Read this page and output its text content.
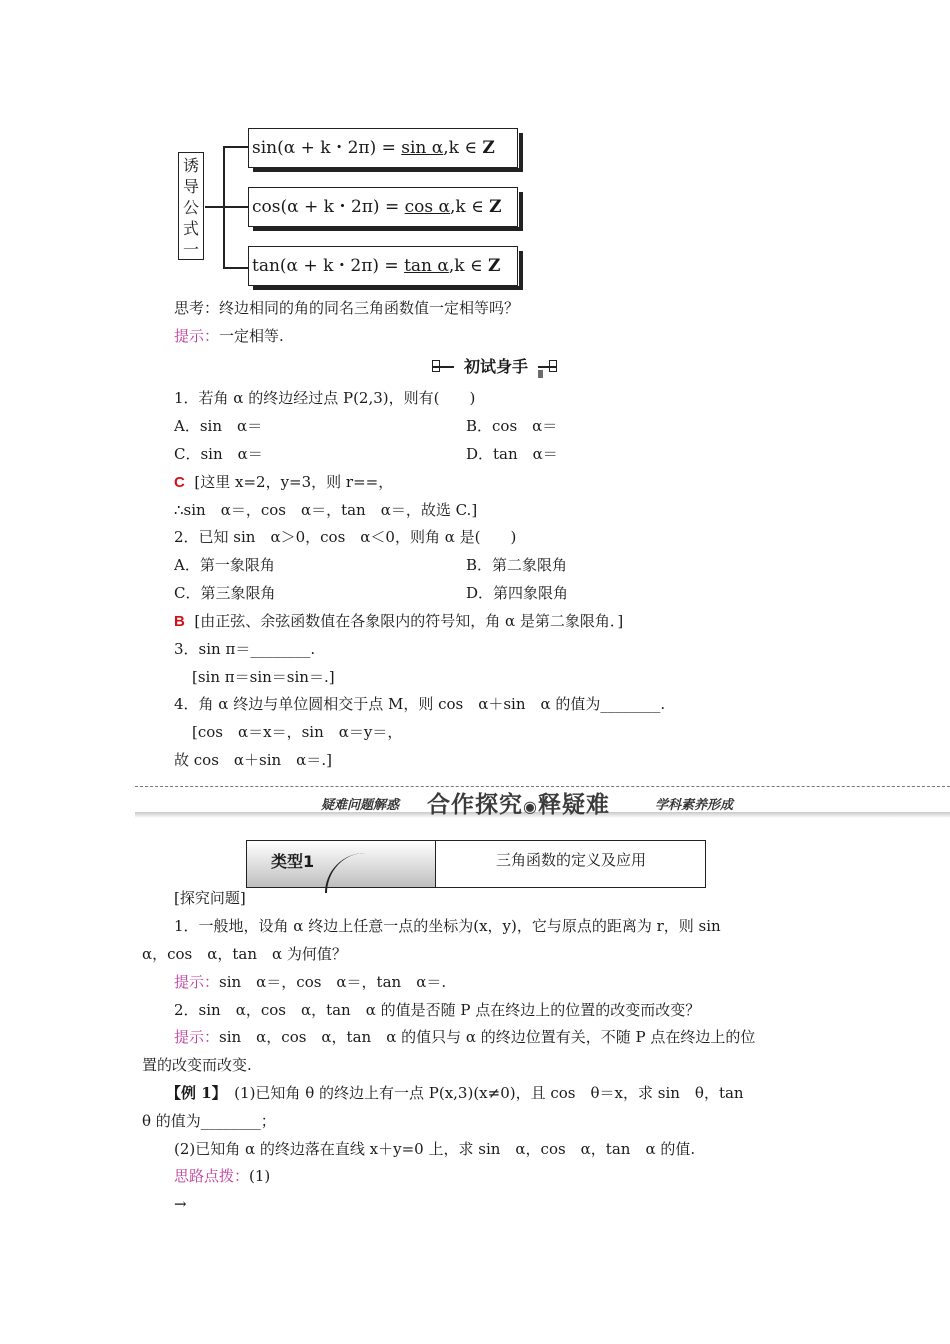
诱导公式一
sin(α + k・2π) = sin α,k ∈ Z
cos(α + k・2π) = cos α,k ∈ Z
tan(α + k・2π) = tan α,k ∈ Z
思考：终边相同的角的同名三角函数值一定相等吗？
提示：一定相等.
初试身手
1．若角 α 的终边经过点 P(2,3)，则有(　　)
A．sin　α＝	B．cos　α＝
C．sin　α＝	D．tan　α＝
C [这里 x=2，y=3，则 r==，
∴sin　α＝，cos　α＝，tan　α＝，故选 C.]
2．已知 sin　α＞0，cos　α＜0，则角 α 是(　　)
A．第一象限角	B．第二象限角
C．第三象限角	D．第四象限角
B [由正弦、余弦函数值在各象限内的符号知，角 α 是第二象限角．]
3．sin π＝________.
[sin π＝sin＝sin＝.]
4．角 α 终边与单位圆相交于点 M，则 cos　α＋sin　α 的值为________.
[cos　α＝x＝，sin　α＝y＝，
故 cos　α＋sin　α＝.]
疑难问题解惑 合作探究◉释疑难	学科素养形成
类型1	三角函数的定义及应用
[探究问题]
1．一般地，设角 α 终边上任意一点的坐标为(x，y)，它与原点的距离为 r，则 sin
α，cos　α，tan　α 为何值？
提示：sin　α＝，cos　α＝，tan　α＝.
2．sin　α，cos　α，tan　α 的值是否随 P 点在终边上的位置的改变而改变？
提示：sin　α，cos　α，tan　α 的值只与 α 的终边位置有关，不随 P 点在终边上的位
置的改变而改变.
【例 1】　(1)已知角 θ 的终边上有一点 P(x,3)(x≠0)，且 cos　θ＝x，求 sin　θ，tan
θ 的值为________；
(2)已知角 α 的终边落在直线 x＋y=0 上，求 sin　α，cos　α，tan　α 的值.
思路点拨：(1)
→
